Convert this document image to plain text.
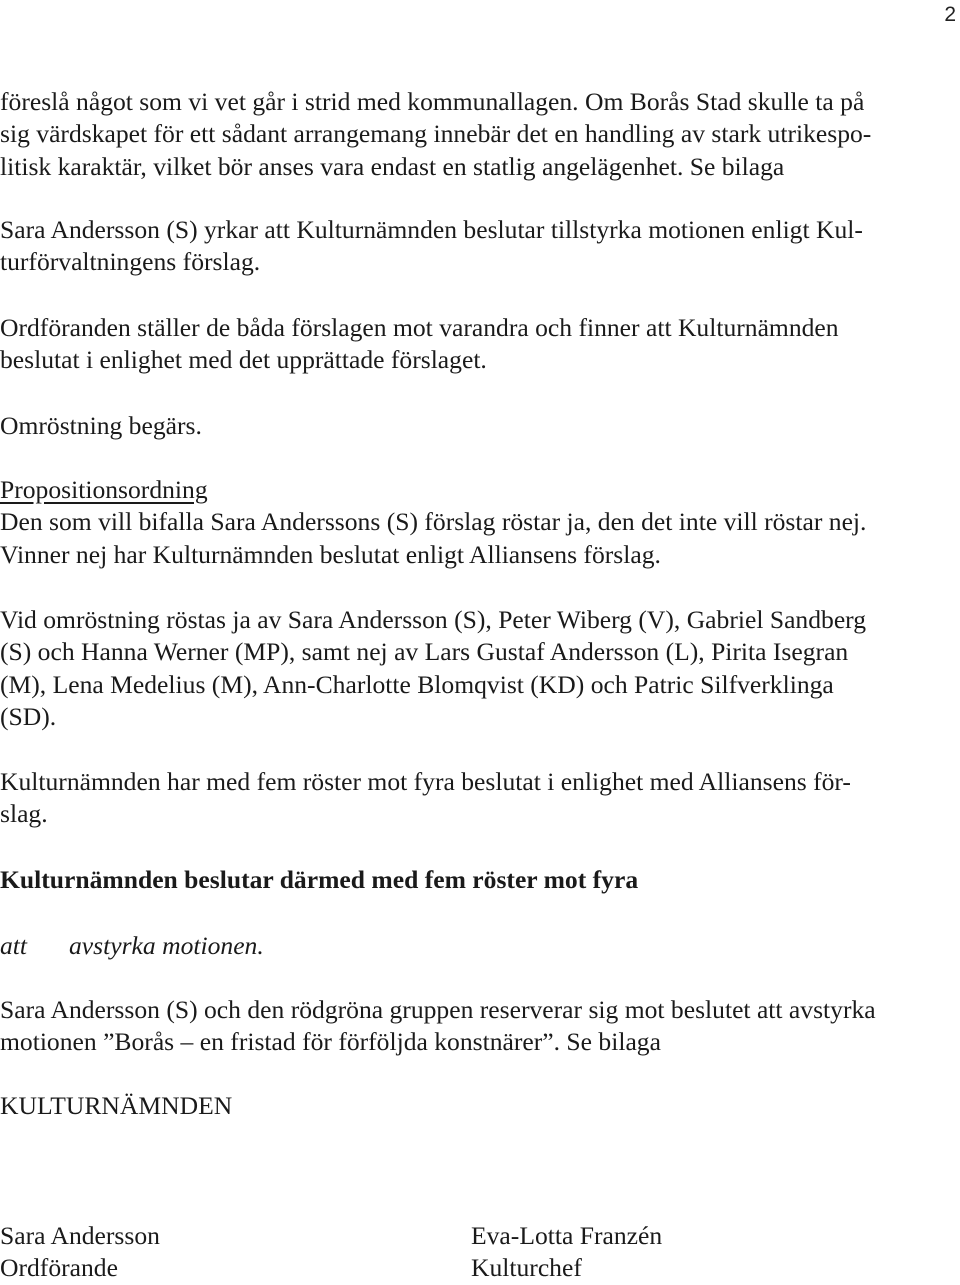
2

föreslå något som vi vet går i strid med kommunallagen. Om Borås Stad skulle ta på
sig värdskapet för ett sådant arrangemang innebär det en handling av stark utrikespo-
litisk karaktär, vilket bör anses vara endast en statlig angelägenhet. Se bilaga

Sara Andersson (S) yrkar att Kulturnämnden beslutar tillstyrka motionen enligt Kul-
turförvaltningens förslag.

Ordföranden ställer de båda förslagen mot varandra och finner att Kulturnämnden
beslutat i enlighet med det upprättade förslaget.

Omröstning begärs.

Propositionsordning
Den som vill bifalla Sara Anderssons (S) förslag röstar ja, den det inte vill röstar nej.
Vinner nej har Kulturnämnden beslutat enligt Alliansens förslag.

Vid omröstning röstas ja av Sara Andersson (S), Peter Wiberg (V), Gabriel Sandberg
(S) och Hanna Werner (MP), samt nej av Lars Gustaf Andersson (L), Pirita Isegran
(M), Lena Medelius (M), Ann-Charlotte Blomqvist (KD) och Patric Silfverklinga
(SD).

Kulturnämnden har med fem röster mot fyra beslutat i enlighet med Alliansens för-
slag.

Kulturnämnden beslutar därmed med fem röster mot fyra

att avstyrka motionen.

Sara Andersson (S) och den rödgröna gruppen reserverar sig mot beslutet att avstyrka
motionen ”Borås – en fristad för förföljda konstnärer”. Se bilaga

KULTURNÄMNDEN

Sara Andersson
Ordförande
Eva-Lotta Franzén
Kulturchef
